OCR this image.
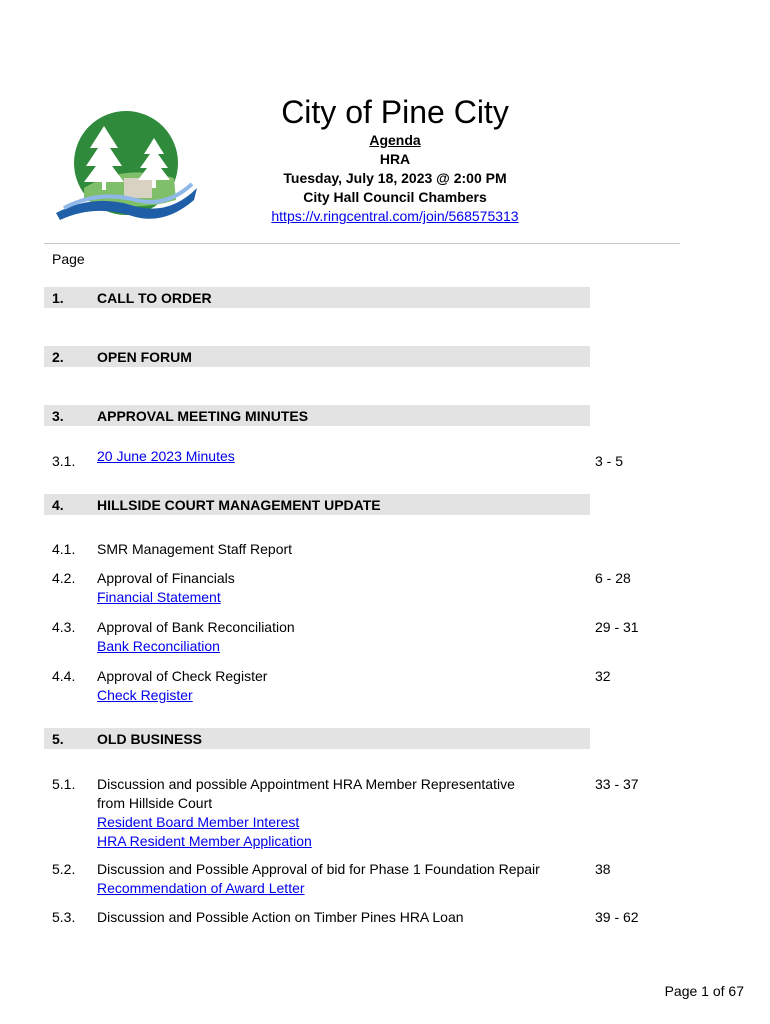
City of Pine City
Agenda
HRA
Tuesday, July 18, 2023 @ 2:00 PM
City Hall Council Chambers
https://v.ringcentral.com/join/568575313
Page
1. CALL TO ORDER
2. OPEN FORUM
3. APPROVAL MEETING MINUTES
3.1. 20 June 2023 Minutes	3 - 5
4. HILLSIDE COURT MANAGEMENT UPDATE
4.1. SMR Management Staff Report
4.2. Approval of Financials
Financial Statement
6 - 28
4.3. Approval of Bank Reconciliation
Bank Reconciliation
29 - 31
4.4. Approval of Check Register
Check Register
32
5. OLD BUSINESS
5.1. Discussion and possible Appointment HRA Member Representative
from Hillside Court
Resident Board Member Interest
HRA Resident Member Application
33 - 37
5.2. Discussion and Possible Approval of bid for Phase 1 Foundation Repair
Recommendation of Award Letter
38
5.3. Discussion and Possible Action on Timber Pines HRA Loan	39 - 62
Page 1 of 67
